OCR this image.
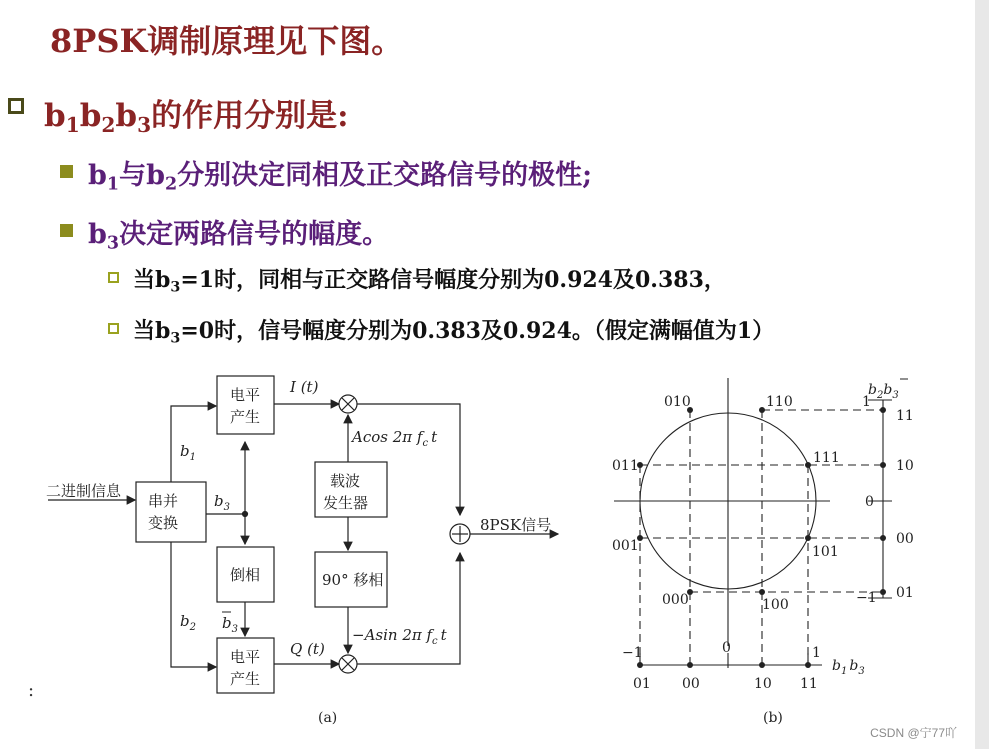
8PSK调制原理见下图。
$b_1b_2b_3$的作用分别是:
$b_1$与$b_2$分别决定同相及正交路信号的极性;
$b_3$决定两路信号的幅度。
当$b_3=1$时，同相与正交路信号幅度分别为0.924及0.383，
当$b_3=0$时，信号幅度分别为0.383及0.924。（假定满幅值为1）
:
二进制信息
串并
变换
电平
产生
倒相
电平
产生
载波
发生器
90° 移相
I (t)
Q (t)
$b_1$
$b_2$
$b_3$
$b_3$
Acos 2π $f_c$ t
−Asin 2π $f_c$ t
8PSK信号
(a)
010	110
011	111
001	101
000	100
$b_2b_3$
1
11
10
0
00
−1 01
−1	0	1
01 00	10 11
$b_1$ $b_3$
(b)
CSDN @宁77吖
